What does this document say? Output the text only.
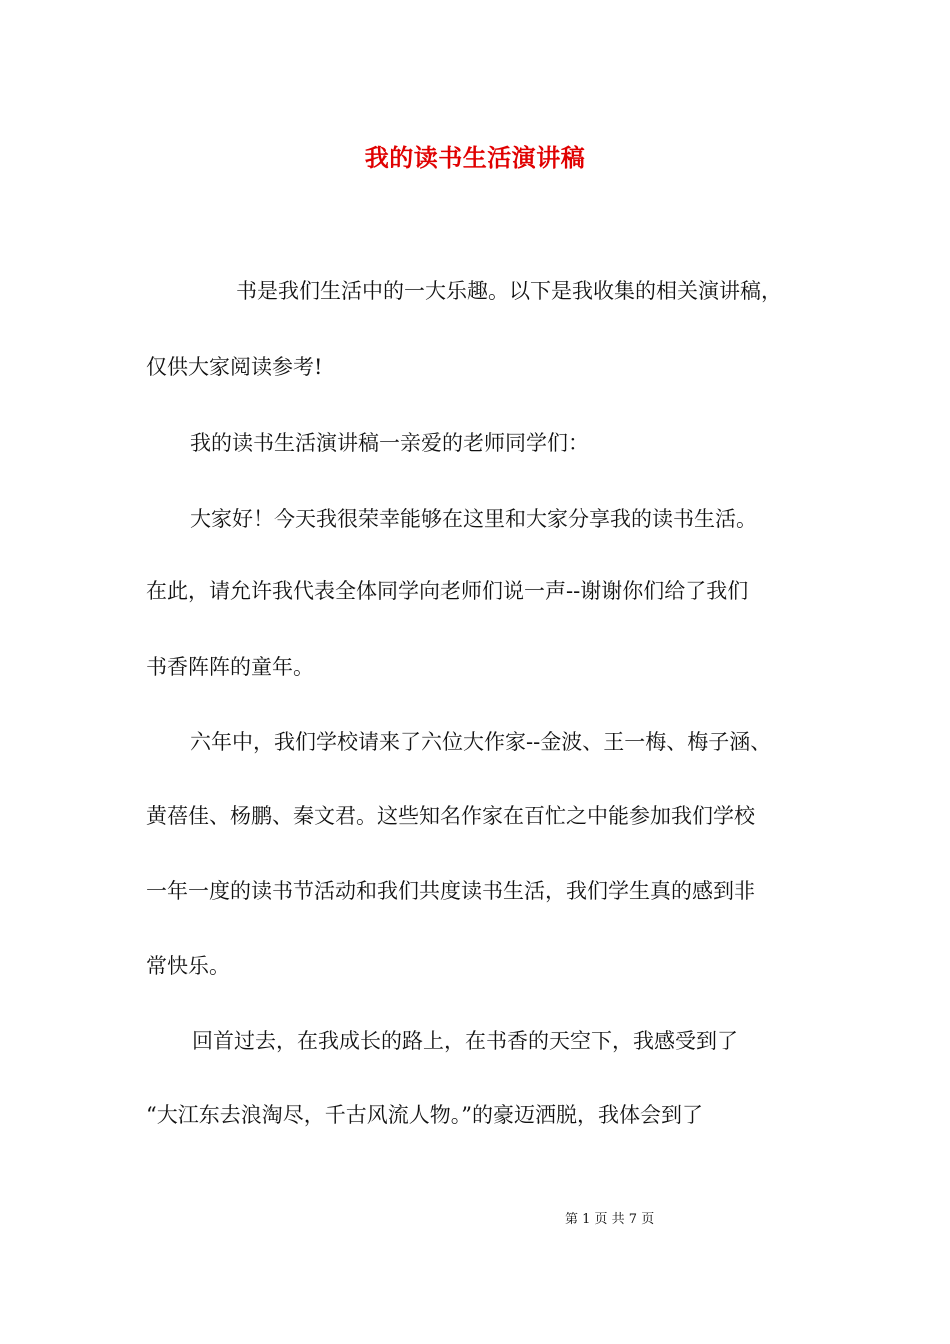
我的读书生活演讲稿
书是我们生活中的一大乐趣。以下是我收集的相关演讲稿，
仅供大家阅读参考!
我的读书生活演讲稿一亲爱的老师同学们：
大家好！今天我很荣幸能够在这里和大家分享我的读书生活。
在此，请允许我代表全体同学向老师们说一声--谢谢你们给了我们
书香阵阵的童年。
六年中，我们学校请来了六位大作家--金波、王一梅、梅子涵、
黄蓓佳、杨鹏、秦文君。这些知名作家在百忙之中能参加我们学校
一年一度的读书节活动和我们共度读书生活，我们学生真的感到非
常快乐。
回首过去，在我成长的路上，在书香的天空下，我感受到了
“大江东去浪淘尽，千古风流人物。”的豪迈洒脱，我体会到了
第 1 页 共 7 页
